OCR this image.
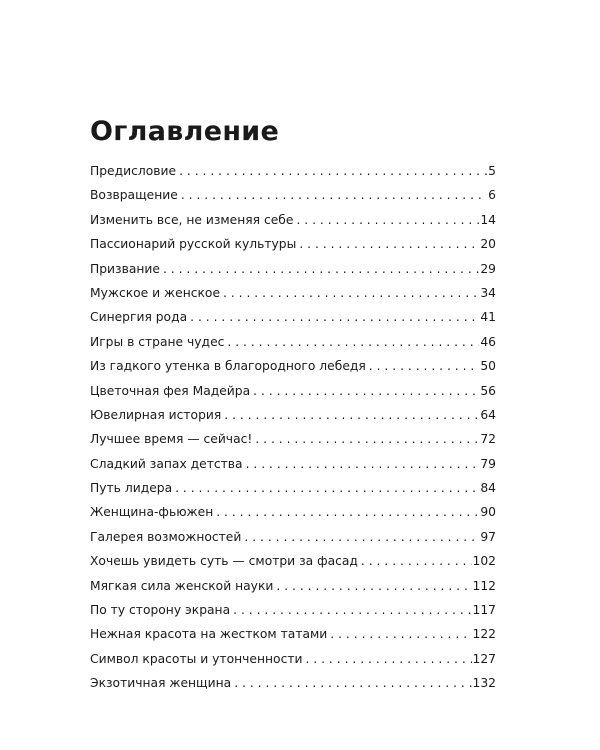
Оглавление
Предисловие . . .	5
Возвращение . . .	6
Изменить все, не изменяя себе . . .	14
Пассионарий русской культуры . . .	20
Призвание . . .	29
Мужское и женское . . .	34
Синергия рода . . .	41
Игры в стране чудес . . .	46
Из гадкого утенка в благородного лебедя . . .	50
Цветочная фея Мадейра . . .	56
Ювелирная история . . .	64
Лучшее время — сейчас! . . .	72
Сладкий запах детства . . .	79
Путь лидера . . .	84
Женщина-фьюжен . . .	90
Галерея возможностей . . .	97
Хочешь увидеть суть — смотри за фасад . . .	102
Мягкая сила женской науки . . .	112
По ту сторону экрана . . .	117
Нежная красота на жестком татами . . .	122
Символ красоты и утонченности . . .	127
Экзотичная женщина . . .	132
